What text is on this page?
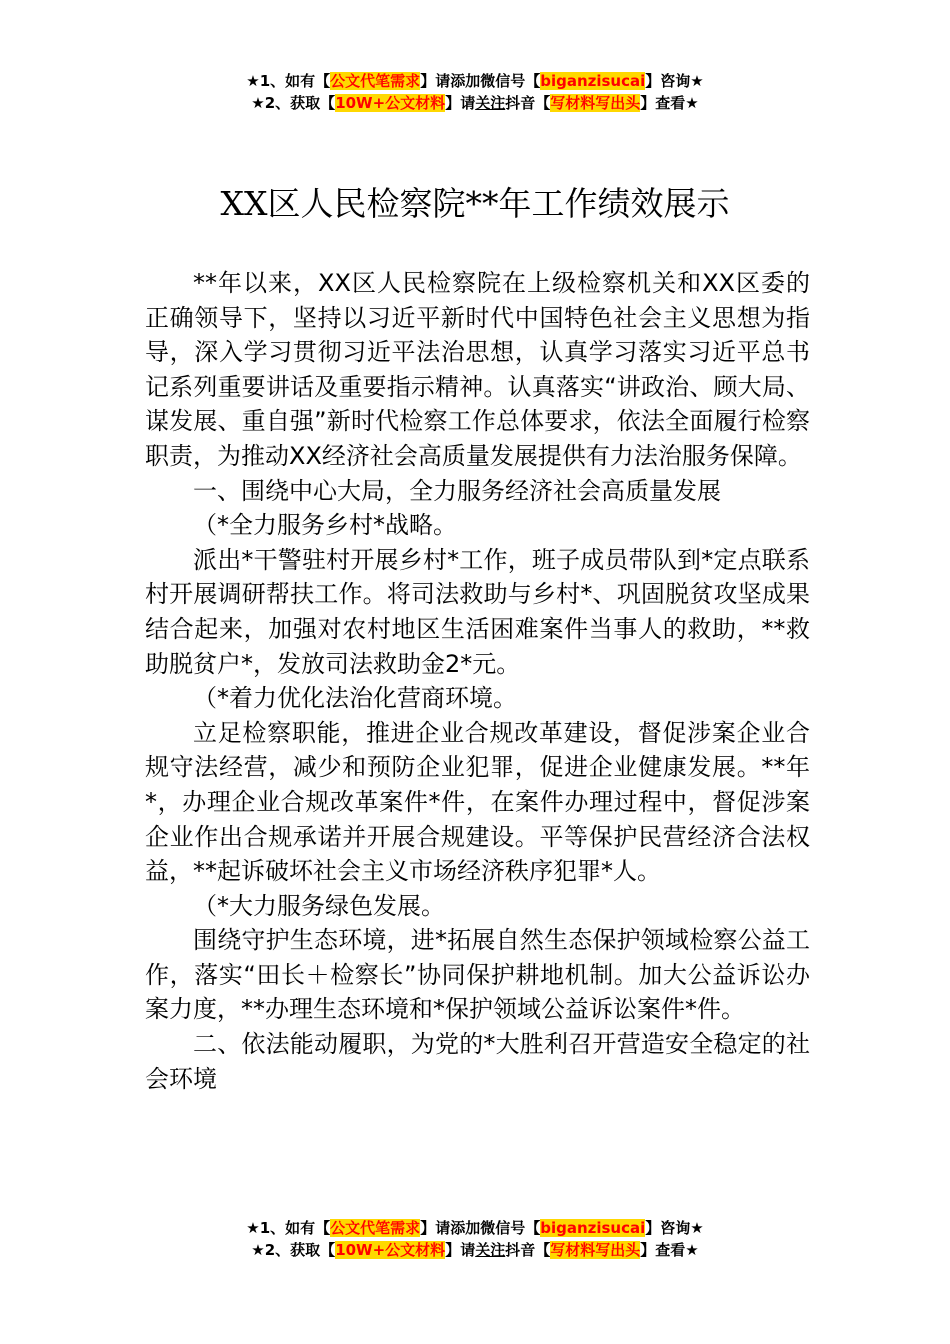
★1、如有【公文代笔需求】请添加微信号【biganzisucai】咨询★
★2、获取【10W+公文材料】请关注抖音【写材料写出头】查看★
XX区人民检察院**年工作绩效展示

**年以来，XX区人民检察院在上级检察机关和XX区委的正确领导下，坚持以习近平新时代中国特色社会主义思想为指导，深入学习贯彻习近平法治思想，认真学习落实习近平总书记系列重要讲话及重要指示精神。认真落实“讲政治、顾大局、谋发展、重自强”新时代检察工作总体要求，依法全面履行检察职责，为推动XX经济社会高质量发展提供有力法治服务保障。

一、围绕中心大局，全力服务经济社会高质量发展

（*全力服务乡村*战略。

派出*干警驻村开展乡村*工作，班子成员带队到*定点联系村开展调研帮扶工作。将司法救助与乡村*、巩固脱贫攻坚成果结合起来，加强对农村地区生活困难案件当事人的救助，**救助脱贫户*，发放司法救助金2*元。

（*着力优化法治化营商环境。

立足检察职能，推进企业合规改革建设，督促涉案企业合规守法经营，减少和预防企业犯罪，促进企业健康发展。**年*，办理企业合规改革案件*件，在案件办理过程中，督促涉案企业作出合规承诺并开展合规建设。平等保护民营经济合法权益，**起诉破坏社会主义市场经济秩序犯罪*人。

（*大力服务绿色发展。

围绕守护生态环境，进*拓展自然生态保护领域检察公益工作，落实“田长＋检察长”协同保护耕地机制。加大公益诉讼办案力度，**办理生态环境和*保护领域公益诉讼案件*件。

二、依法能动履职，为党的*大胜利召开营造安全稳定的社会环境

★1、如有【公文代笔需求】请添加微信号【biganzisucai】咨询★
★2、获取【10W+公文材料】请关注抖音【写材料写出头】查看★
